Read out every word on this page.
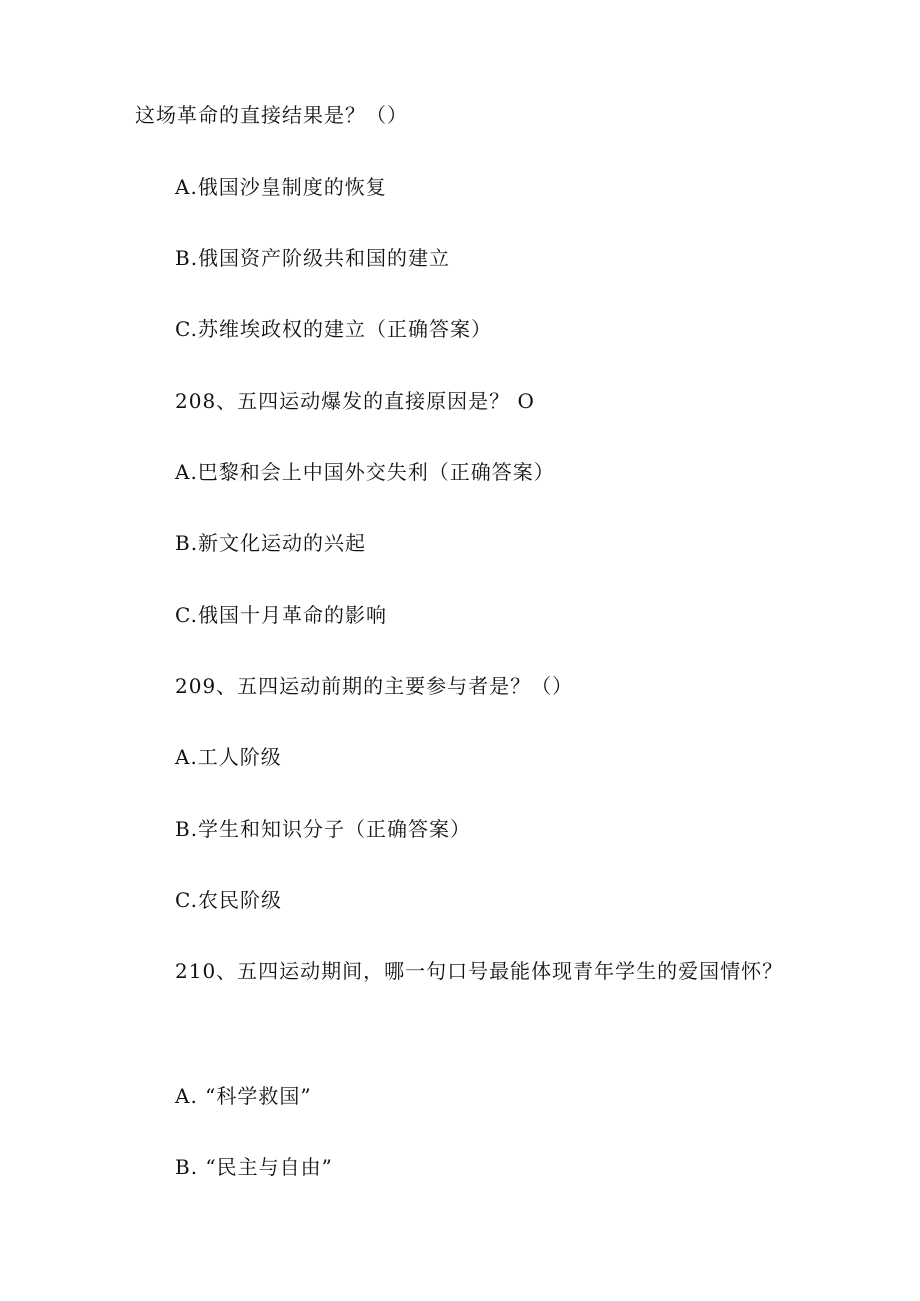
这场革命的直接结果是？（）
A.俄国沙皇制度的恢复
B.俄国资产阶级共和国的建立
C.苏维埃政权的建立（正确答案）
208、五四运动爆发的直接原因是？ O
A.巴黎和会上中国外交失利（正确答案）
B.新文化运动的兴起
C.俄国十月革命的影响
209、五四运动前期的主要参与者是？（）
A.工人阶级
B.学生和知识分子（正确答案）
C.农民阶级
210、五四运动期间，哪一句口号最能体现青年学生的爱国情怀？
A. “科学救国”
B. “民主与自由”
